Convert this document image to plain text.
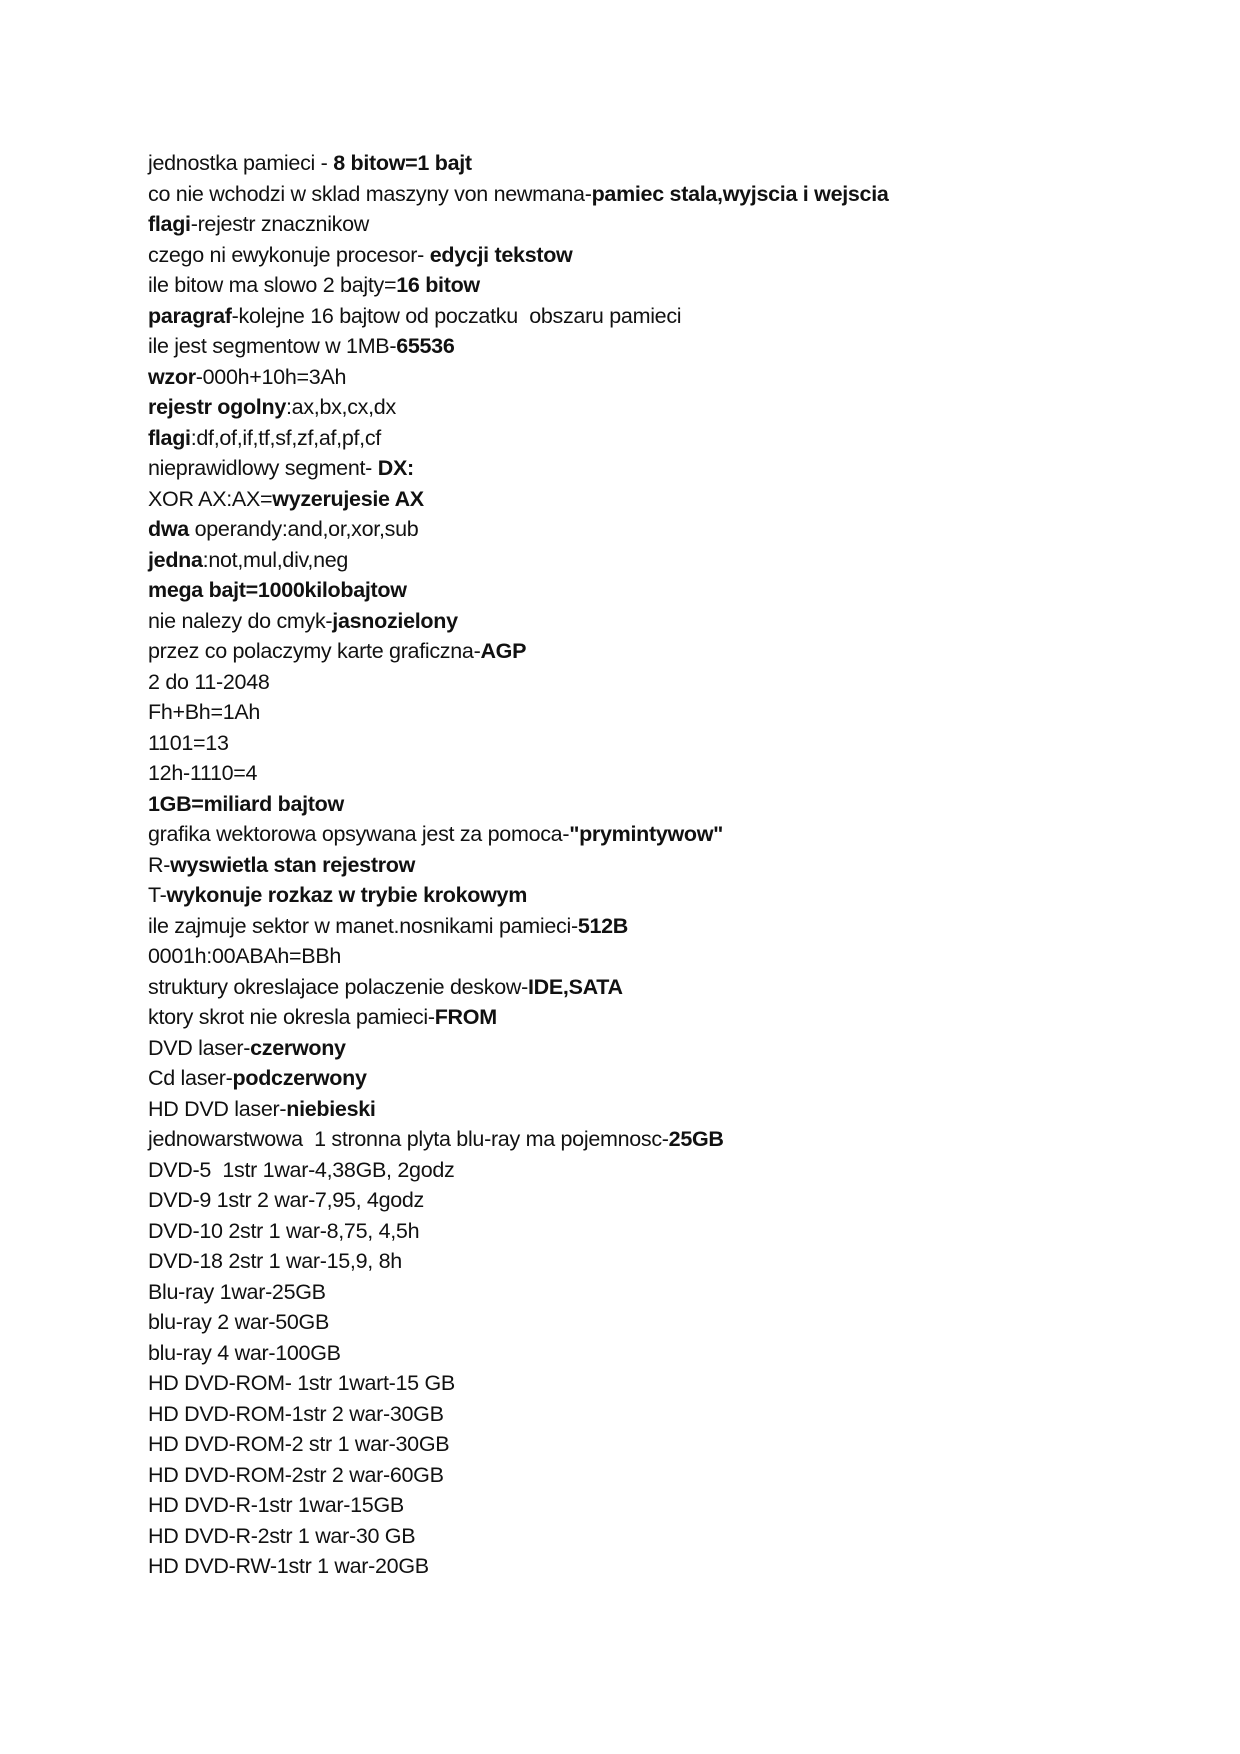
jednostka pamieci - 8 bitow=1 bajt
co nie wchodzi w sklad maszyny von newmana-pamiec stala,wyjscia i wejscia
flagi-rejestr znacznikow
czego ni ewykonuje procesor- edycji tekstow
ile bitow ma slowo 2 bajty=16 bitow
paragraf-kolejne 16 bajtow od poczatku  obszaru pamieci
ile jest segmentow w 1MB-65536
wzor-000h+10h=3Ah
rejestr ogolny:ax,bx,cx,dx
flagi:df,of,if,tf,sf,zf,af,pf,cf
nieprawidlowy segment- DX:
XOR AX:AX=wyzerujesie AX
dwa operandy:and,or,xor,sub
jedna:not,mul,div,neg
mega bajt=1000kilobajtow
nie nalezy do cmyk-jasnozielony
przez co polaczymy karte graficzna-AGP
2 do 11-2048
Fh+Bh=1Ah
1101=13
12h-1110=4
1GB=miliard bajtow
grafika wektorowa opsywana jest za pomoca-"prymintywow"
R-wyswietla stan rejestrow
T-wykonuje rozkaz w trybie krokowym
ile zajmuje sektor w manet.nosnikami pamieci-512B
0001h:00ABAh=BBh
struktury okreslajace polaczenie deskow-IDE,SATA
ktory skrot nie okresla pamieci-FROM
DVD laser-czerwony
Cd laser-podczerwony
HD DVD laser-niebieski
jednowarstwowa  1 stronna plyta blu-ray ma pojemnosc-25GB
DVD-5  1str 1war-4,38GB, 2godz
DVD-9 1str 2 war-7,95, 4godz
DVD-10 2str 1 war-8,75, 4,5h
DVD-18 2str 1 war-15,9, 8h
Blu-ray 1war-25GB
blu-ray 2 war-50GB
blu-ray 4 war-100GB
HD DVD-ROM- 1str 1wart-15 GB
HD DVD-ROM-1str 2 war-30GB
HD DVD-ROM-2 str 1 war-30GB
HD DVD-ROM-2str 2 war-60GB
HD DVD-R-1str 1war-15GB
HD DVD-R-2str 1 war-30 GB
HD DVD-RW-1str 1 war-20GB
